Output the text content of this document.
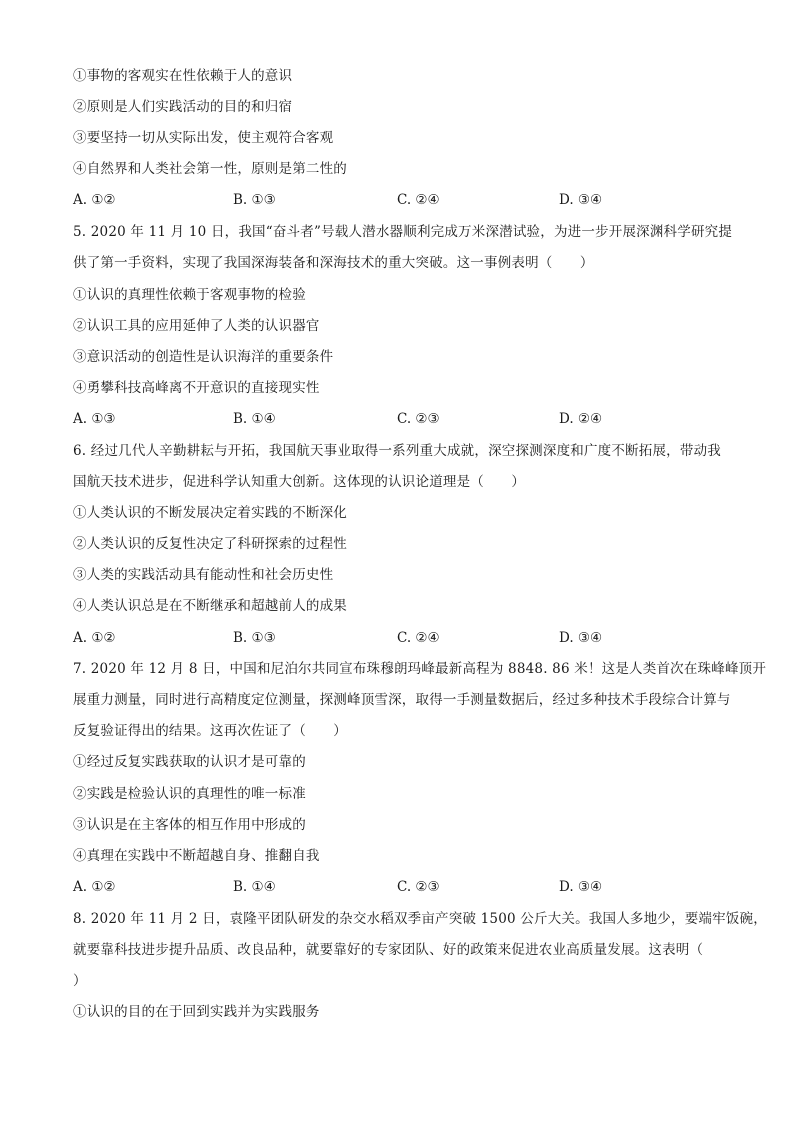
①事物的客观实在性依赖于人的意识
②原则是人们实践活动的目的和归宿
③要坚持一切从实际出发，使主观符合客观
④自然界和人类社会第一性，原则是第二性的
A. ①②	B. ①③	C. ②④	D. ③④
5. 2020 年 11 月 10 日，我国“奋斗者”号载人潜水器顺利完成万米深潜试验，为进一步开展深渊科学研究提
供了第一手资料，实现了我国深海装备和深海技术的重大突破。这一事例表明（　　）
①认识的真理性依赖于客观事物的检验
②认识工具的应用延伸了人类的认识器官
③意识活动的创造性是认识海洋的重要条件
④勇攀科技高峰离不开意识的直接现实性
A. ①③	B. ①④	C. ②③	D. ②④
6. 经过几代人辛勤耕耘与开拓，我国航天事业取得一系列重大成就，深空探测深度和广度不断拓展，带动我
国航天技术进步，促进科学认知重大创新。这体现的认识论道理是（　　）
①人类认识的不断发展决定着实践的不断深化
②人类认识的反复性决定了科研探索的过程性
③人类的实践活动具有能动性和社会历史性
④人类认识总是在不断继承和超越前人的成果
A. ①②	B. ①③	C. ②④	D. ③④
7. 2020 年 12 月 8 日，中国和尼泊尔共同宣布珠穆朗玛峰最新高程为 8848. 86 米！这是人类首次在珠峰峰顶开
展重力测量，同时进行高精度定位测量，探测峰顶雪深，取得一手测量数据后，经过多种技术手段综合计算与
反复验证得出的结果。这再次佐证了（　　）
①经过反复实践获取的认识才是可靠的
②实践是检验认识的真理性的唯一标准
③认识是在主客体的相互作用中形成的
④真理在实践中不断超越自身、推翻自我
A. ①②	B. ①④	C. ②③	D. ③④
8. 2020 年 11 月 2 日，袁隆平团队研发的杂交水稻双季亩产突破 1500 公斤大关。我国人多地少，要端牢饭碗，
就要靠科技进步提升品质、改良品种，就要靠好的专家团队、好的政策来促进农业高质量发展。这表明（
）
①认识的目的在于回到实践并为实践服务
